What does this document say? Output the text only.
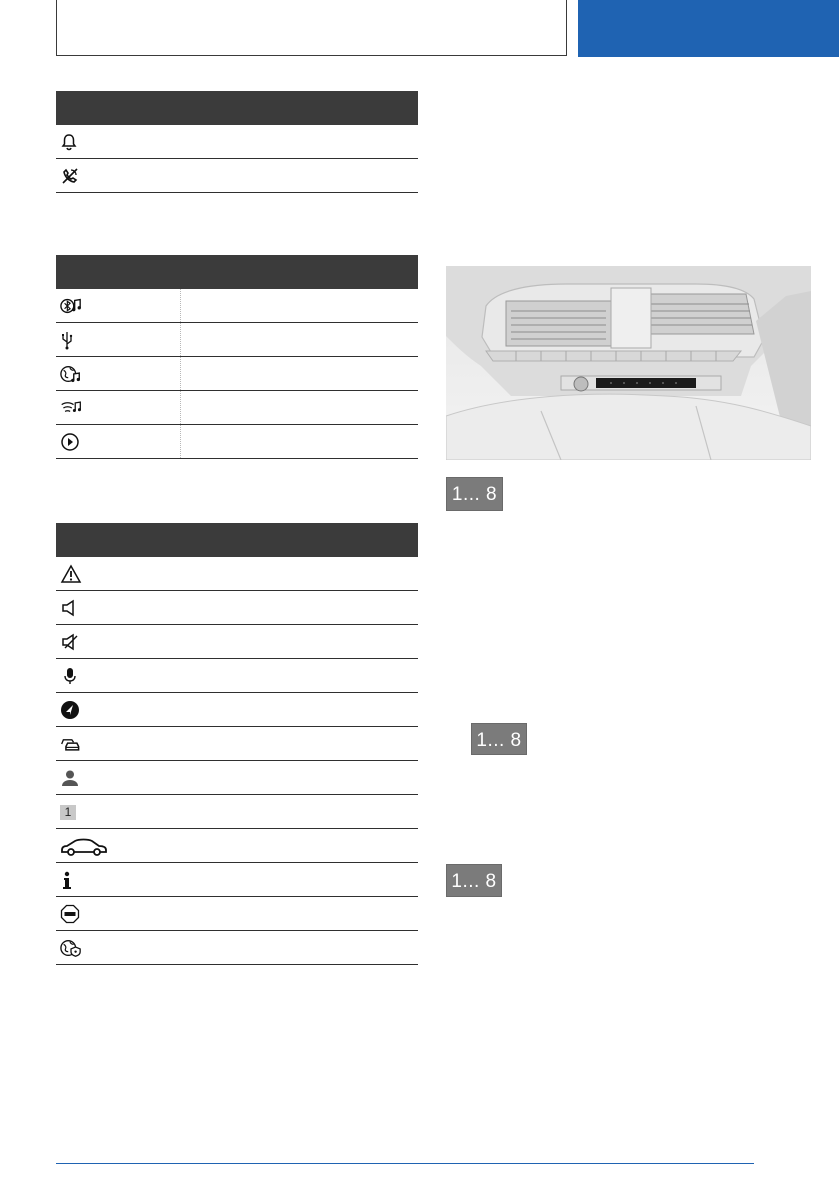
1
1... 8
1... 8
1... 8
